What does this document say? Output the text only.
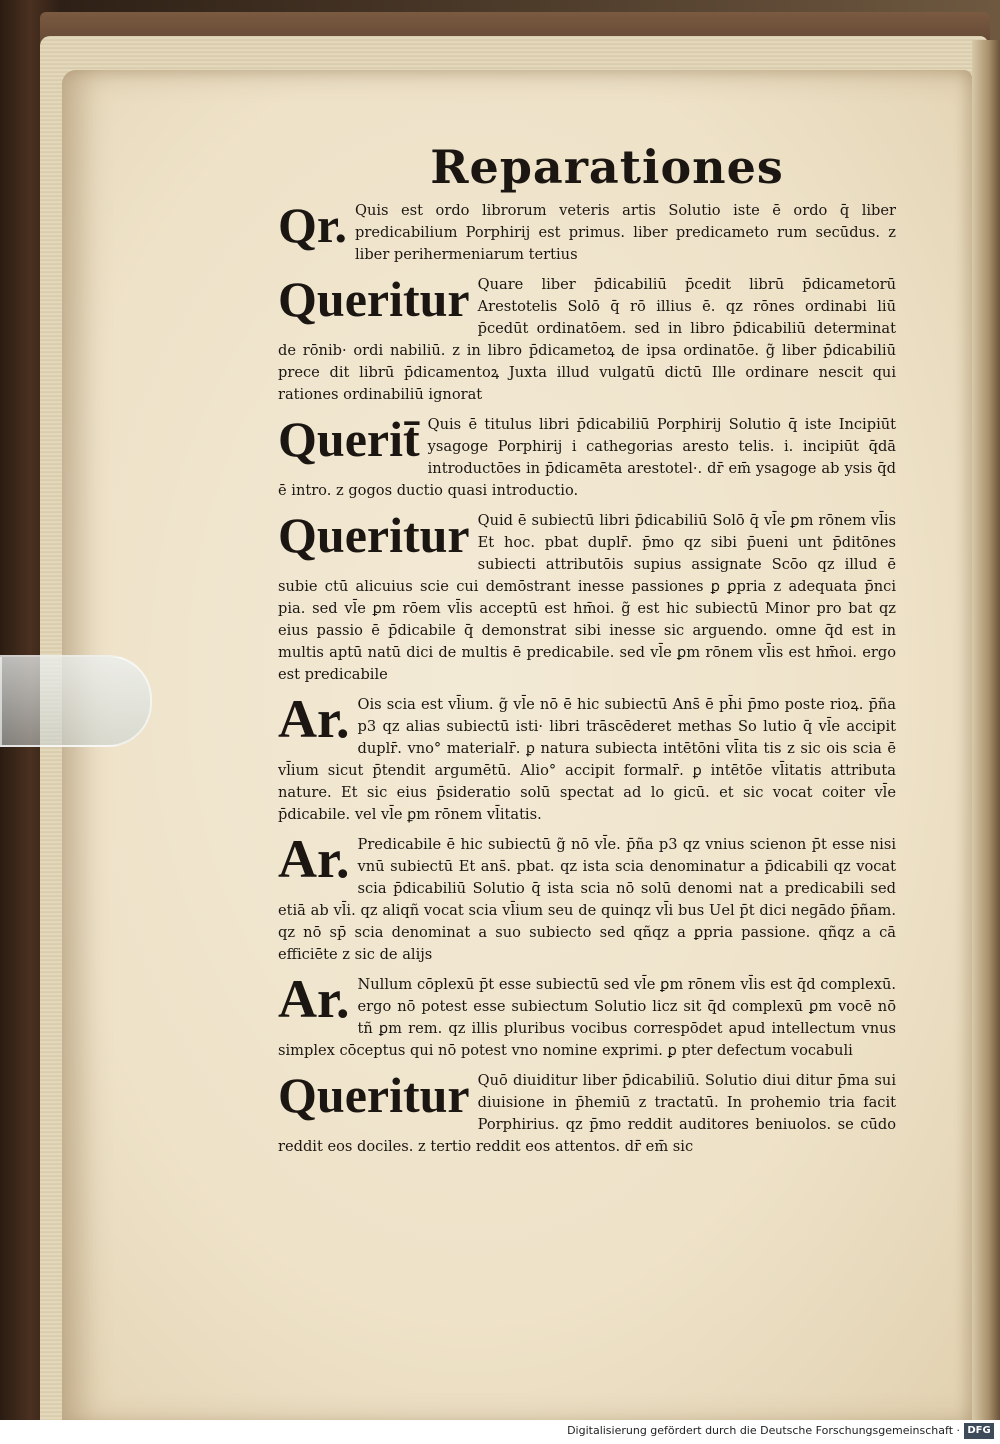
Reparationes

Qr. Quis est ordo librorum veteris artis Solutio iste ē ordo q̄ liber predicabilium Porphirij est primus. liber predicameto rum secūdus. z liber perihermeniarum tertius

Queritur Quare liber p̄dicabiliū p̄cedit librū p̄dicametorū Arestotelis Solō q̄ rō illius ē. qz rōnes ordinabi liū p̄cedūt ordinatōem. sed in libro p̄dicabiliū determinat de rōnib· ordi nabiliū. z in libro p̄dicametoꝝ de ipsa ordinatōe. g̃ liber p̄dicabiliū prece dit librū p̄dicamentoꝝ Juxta illud vulgatū dictū Ille ordinare nescit qui rationes ordinabiliū ignorat

Querit̄ Quis ē titulus libri p̄dicabiliū Porphirij Solutio q̄ iste Incipiūt ysagoge Porphirij i cathegorias aresto telis. i. incipiūt q̄dā introductōes in p̄dicamēta arestotel·. dr̄ em̄ ysagoge ab ysis q̄d ē intro. z gogos ductio quasi introductio.

Queritur Quid ē subiectū libri p̄dicabiliū Solō q̄ vl̄e ꝑm rōnem vl̄is Et hoc. pbat duplr̄. p̄mo qz sibi p̄ueni unt p̄ditōnes subiecti attributōis supius assignate Scōo qz illud ē subie ctū alicuius scie cui demōstrant inesse passiones ꝑ ꝑpria z adequata p̄nci pia. sed vl̄e ꝑm rōem vl̄is acceptū est hm̄oi. g̃ est hic subiectū Minor pro bat qz eius passio ē p̄dicabile q̄ demonstrat sibi inesse sic arguendo. omne q̄d est in multis aptū natū dici de multis ē predicabile. sed vl̄e ꝑm rōnem vl̄is est hm̄oi. ergo est predicabile

Ar. Ois scia est vl̄ium. g̃ vl̄e nō ē hic subiectū Ans̄ ē ph̄i p̄mo poste rioꝝ. p̄ña p3 qz alias subiectū isti· libri trāscēderet methas So lutio q̄ vl̄e accipit duplr̄. vno° materialr̄. ꝑ natura subiecta intētōni vl̄ita tis z sic ois scia ē vl̄ium sicut p̄tendit argumētū. Alio° accipit formalr̄. ꝑ intētōe vl̄itatis attributa nature. Et sic eius p̄sideratio solū spectat ad lo gicū. et sic vocat coiter vl̄e p̄dicabile. vel vl̄e ꝑm rōnem vl̄itatis.

Ar. Predicabile ē hic subiectū g̃ nō vl̄e. p̄ña p3 qz vnius scienon p̄t esse nisi vnū subiectū Et ans̄. pbat. qz ista scia denominatur a p̄dicabili qz vocat scia p̄dicabiliū Solutio q̄ ista scia nō solū denomi nat a predicabili sed etiā ab vl̄i. qz aliqñ vocat scia vl̄ium seu de quinqz vl̄i bus Uel p̄t dici negādo p̄ñam. qz nō sp̄ scia denominat a suo subiecto sed qñqz a ꝑpria passione. qñqz a cā efficiēte z sic de alijs

Ar. Nullum cōplexū p̄t esse subiectū sed vl̄e ꝑm rōnem vl̄is est q̄d complexū. ergo nō potest esse subiectum Solutio licz sit q̄d complexū ꝑm vocē nō tñ ꝑm rem. qz illis pluribus vocibus correspōdet apud intellectum vnus simplex cōceptus qui nō potest vno nomine exprimi. ꝑ pter defectum vocabuli

Queritur Quō diuiditur liber p̄dicabiliū. Solutio diui ditur p̄ma sui diuisione in p̄hemiū z tractatū. In prohemio tria facit Porphirius. qz p̄mo reddit auditores beniuolos. se cūdo reddit eos dociles. z tertio reddit eos attentos. dr̄ em̄ sic

Digitalisierung gefördert durch die Deutsche Forschungsgemeinschaft · DFG
